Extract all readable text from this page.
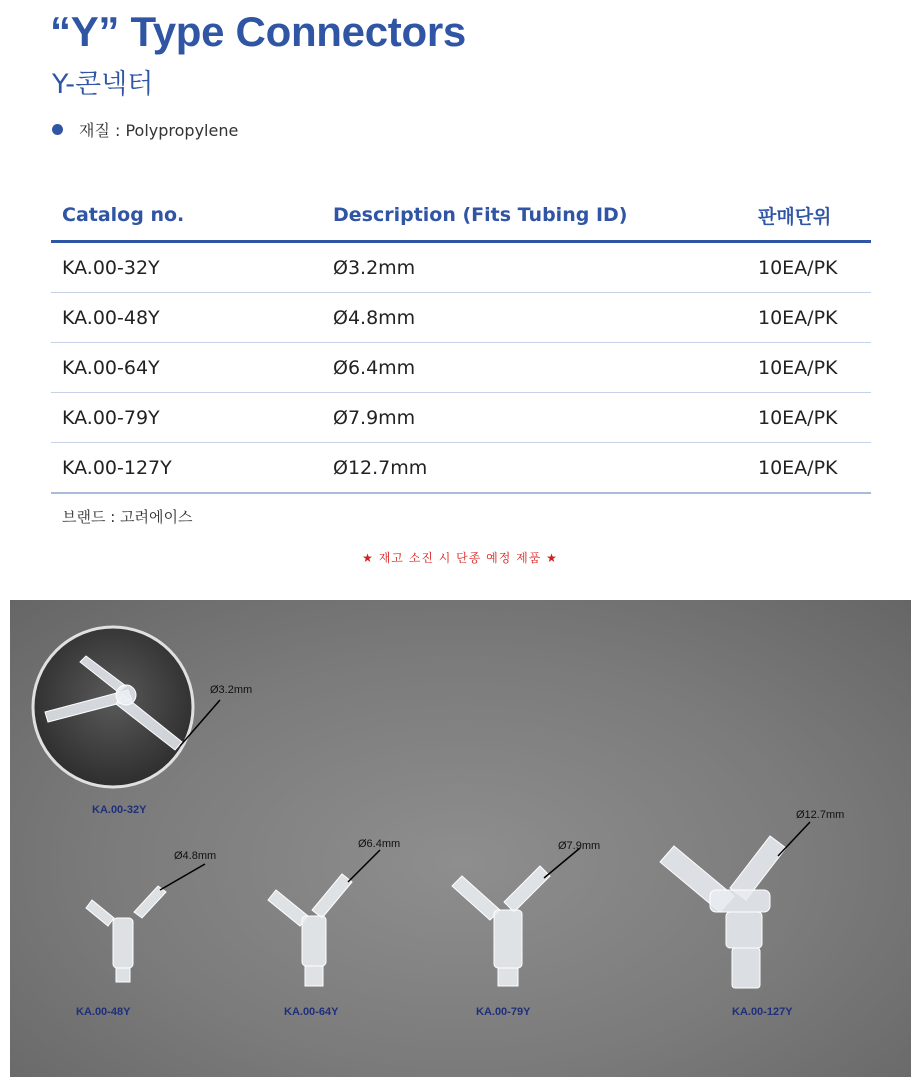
“Y” Type Connectors
Y-콘넥터
재질 : Polypropylene
Catalog no.	Description (Fits Tubing ID)	판매단위
KA.00-32Y	Ø3.2mm	10EA/PK
KA.00-48Y	Ø4.8mm	10EA/PK
KA.00-64Y	Ø6.4mm	10EA/PK
KA.00-79Y	Ø7.9mm	10EA/PK
KA.00-127Y	Ø12.7mm	10EA/PK
브랜드 : 고려에이스
★ 재고 소진 시 단종 예정 제품 ★
Ø3.2mm
KA.00-32Y
Ø4.8mm
KA.00-48Y
Ø6.4mm
KA.00-64Y
Ø7.9mm
KA.00-79Y
Ø12.7mm
KA.00-127Y
